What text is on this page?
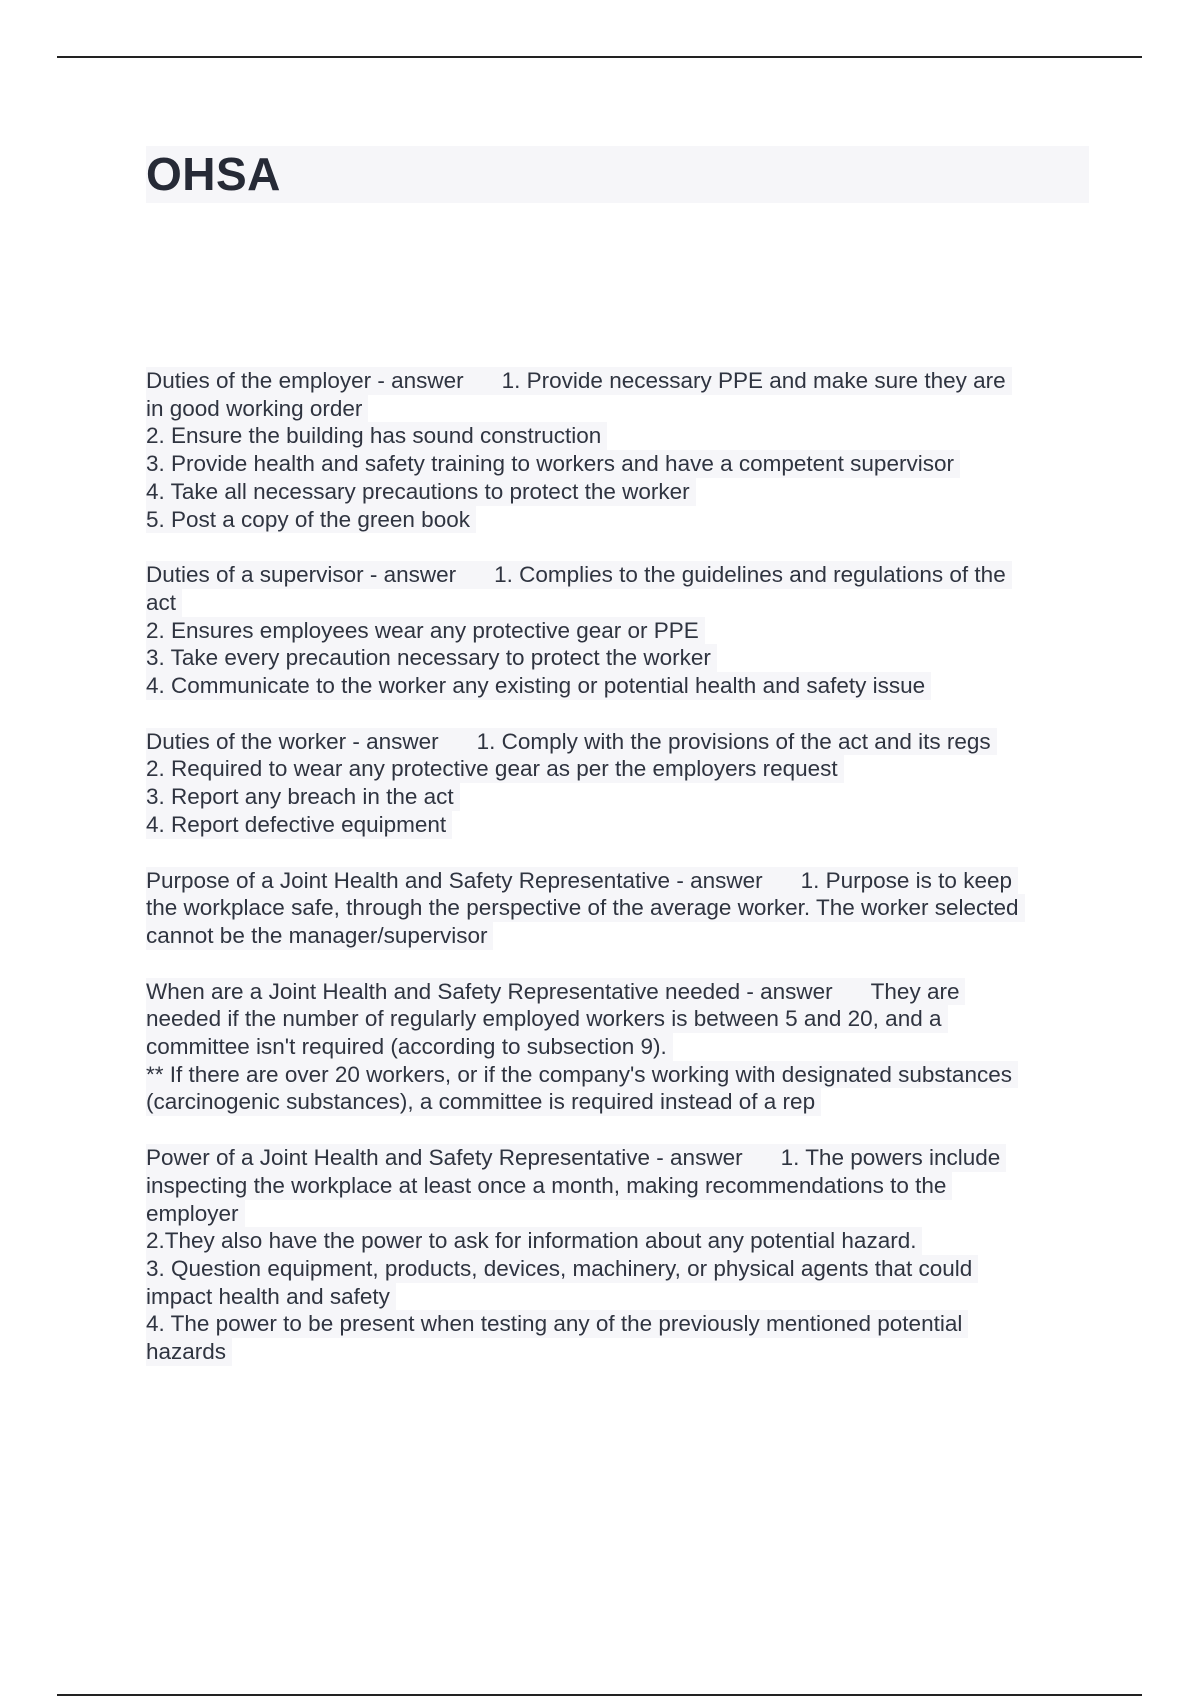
OHSA
Duties of the employer - answer 1. Provide necessary PPE and make sure they are
in good working order
2. Ensure the building has sound construction
3. Provide health and safety training to workers and have a competent supervisor
4. Take all necessary precautions to protect the worker
5. Post a copy of the green book
Duties of a supervisor - answer 1. Complies to the guidelines and regulations of the
act
2. Ensures employees wear any protective gear or PPE
3. Take every precaution necessary to protect the worker
4. Communicate to the worker any existing or potential health and safety issue
Duties of the worker - answer 1. Comply with the provisions of the act and its regs
2. Required to wear any protective gear as per the employers request
3. Report any breach in the act
4. Report defective equipment
Purpose of a Joint Health and Safety Representative - answer 1. Purpose is to keep
the workplace safe, through the perspective of the average worker. The worker selected
cannot be the manager/supervisor
When are a Joint Health and Safety Representative needed - answer They are
needed if the number of regularly employed workers is between 5 and 20, and a
committee isn't required (according to subsection 9).
** If there are over 20 workers, or if the company's working with designated substances
(carcinogenic substances), a committee is required instead of a rep
Power of a Joint Health and Safety Representative - answer 1. The powers include
inspecting the workplace at least once a month, making recommendations to the
employer
2.They also have the power to ask for information about any potential hazard.
3. Question equipment, products, devices, machinery, or physical agents that could
impact health and safety
4. The power to be present when testing any of the previously mentioned potential
hazards
